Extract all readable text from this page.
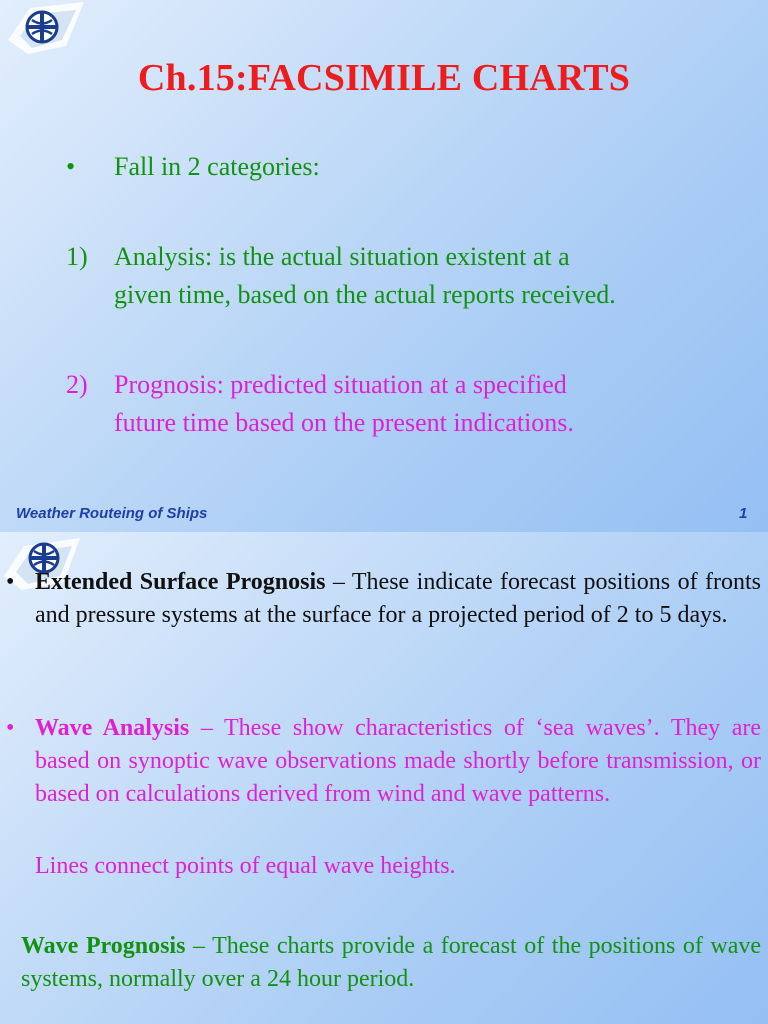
Ch.15:FACSIMILE CHARTS
• Fall in 2 categories:
1) Analysis: is the actual situation existent at a
given time, based on the actual reports received.
2) Prognosis: predicted situation at a specified
future time based on the present indications.
Weather Routeing of Ships	1
• Extended Surface Prognosis – These indicate forecast positions of fronts and pressure systems at the surface for a projected period of 2 to 5 days.
• Wave Analysis – These show characteristics of ‘sea waves’. They are based on synoptic wave observations made shortly before transmission, or based on calculations derived from wind and wave patterns.
Lines connect points of equal wave heights.
Wave Prognosis – These charts provide a forecast of the positions of wave systems, normally over a 24 hour period.
